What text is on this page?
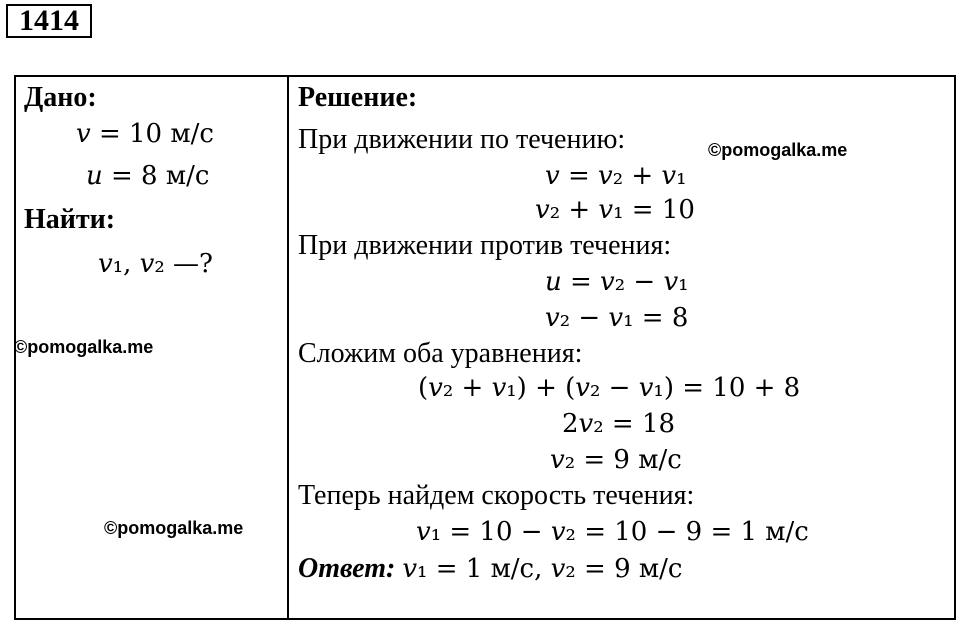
1414
Дано:
𝑣 = 10 м/с
𝑢 = 8 м/с
Найти:
𝑣₁, 𝑣₂ —?
Решение:
При движении по течению:
𝑣 = 𝑣₂ + 𝑣₁
𝑣₂ + 𝑣₁ = 10
При движении против течения:
𝑢 = 𝑣₂ − 𝑣₁
𝑣₂ − 𝑣₁ = 8
Сложим оба уравнения:
(𝑣₂ + 𝑣₁) + (𝑣₂ − 𝑣₁) = 10 + 8
2𝑣₂ = 18
𝑣₂ = 9 м/с
Теперь найдем скорость течения:
𝑣₁ = 10 − 𝑣₂ = 10 − 9 = 1 м/с
Ответ: 𝑣₁ = 1 м/с, 𝑣₂ = 9 м/с
©pomogalka.me
©pomogalka.me
©pomogalka.me
